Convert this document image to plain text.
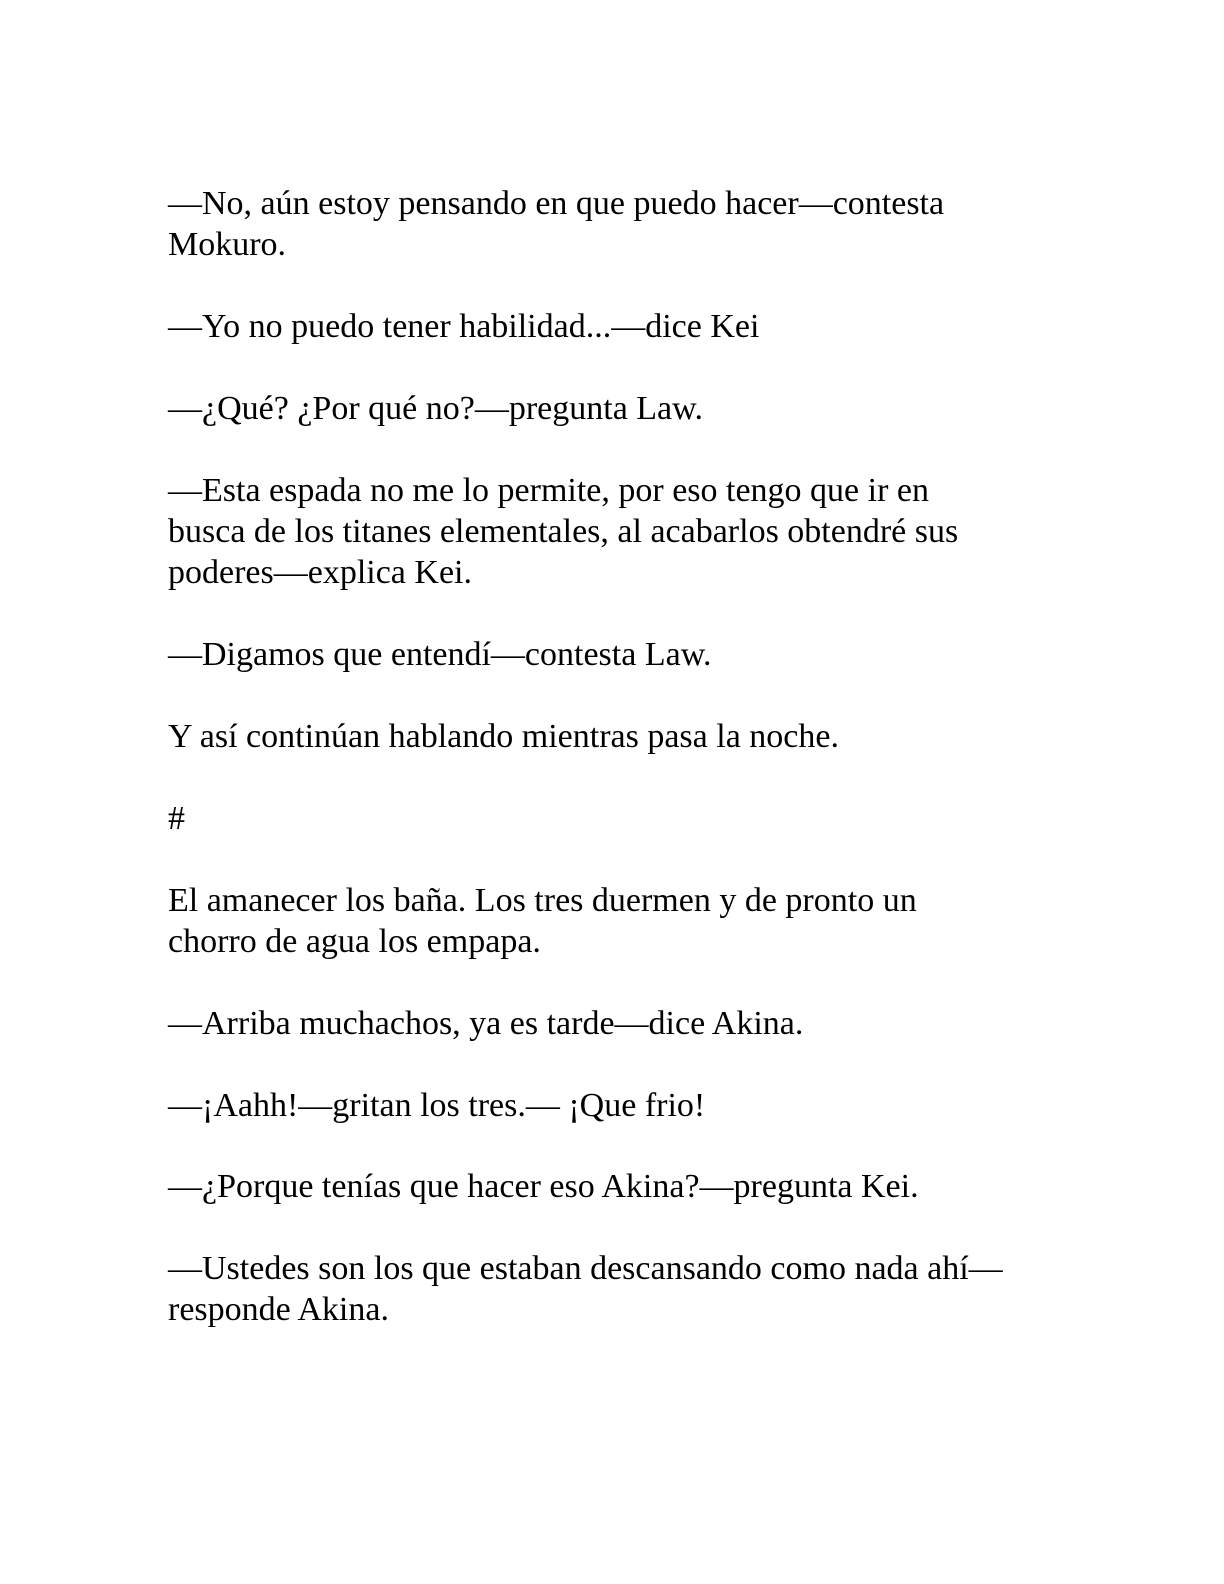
—No, aún estoy pensando en que puedo hacer—contesta
Mokuro.

—Yo no puedo tener habilidad...—dice Kei

—¿Qué? ¿Por qué no?—pregunta Law.

—Esta espada no me lo permite, por eso tengo que ir en
busca de los titanes elementales, al acabarlos obtendré sus
poderes—explica Kei.

—Digamos que entendí—contesta Law.

Y así continúan hablando mientras pasa la noche.

#

El amanecer los baña. Los tres duermen y de pronto un
chorro de agua los empapa.

—Arriba muchachos, ya es tarde—dice Akina.

—¡Aahh!—gritan los tres.— ¡Que frio!

—¿Porque tenías que hacer eso Akina?—pregunta Kei.

—Ustedes son los que estaban descansando como nada ahí—
responde Akina.
